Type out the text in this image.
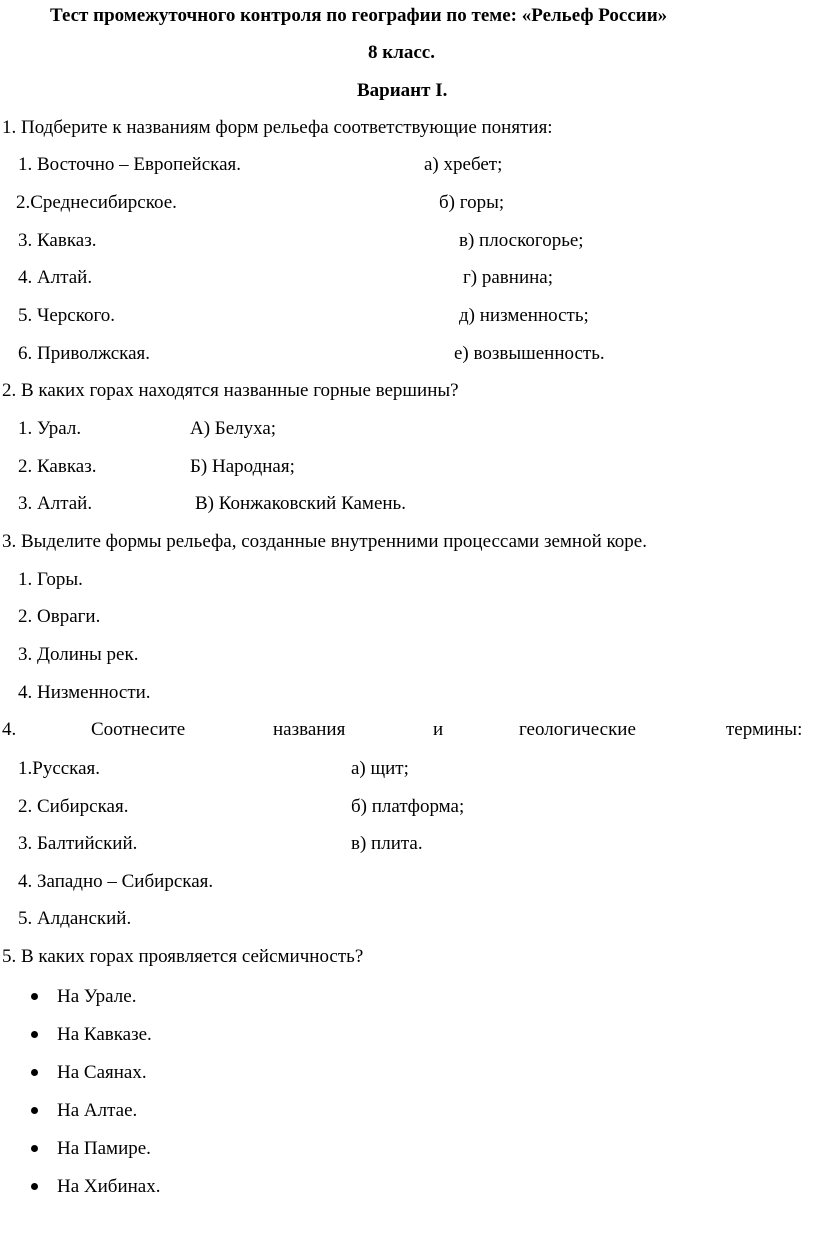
Тест промежуточного контроля по географии по теме: «Рельеф России»
8 класс.
Вариант I.
1. Подберите к названиям форм рельефа соответствующие понятия:
1. Восточно – Европейская.	а) хребет;
2.Среднесибирское.	б) горы;
3. Кавказ.	в) плоскогорье;
4. Алтай.	г) равнина;
5. Черского.	д) низменность;
6. Приволжская.	е) возвышенность.
2. В каких горах находятся названные горные вершины?
1. Урал.	А) Белуха;
2. Кавказ.	Б) Народная;
3. Алтай.	В) Конжаковский Камень.
3. Выделите формы рельефа, созданные внутренними процессами земной коре.
1. Горы.
2. Овраги.
3. Долины рек.
4. Низменности.
4.	Соотнесите	названия	и	геологические	термины:
1.Русская.	а) щит;
2. Сибирская.	б) платформа;
3. Балтийский.	в) плита.
4. Западно – Сибирская.
5. Алданский.
5. В каких горах проявляется сейсмичность?
На Урале.
На Кавказе.
На Саянах.
На Алтае.
На Памире.
На Хибинах.
